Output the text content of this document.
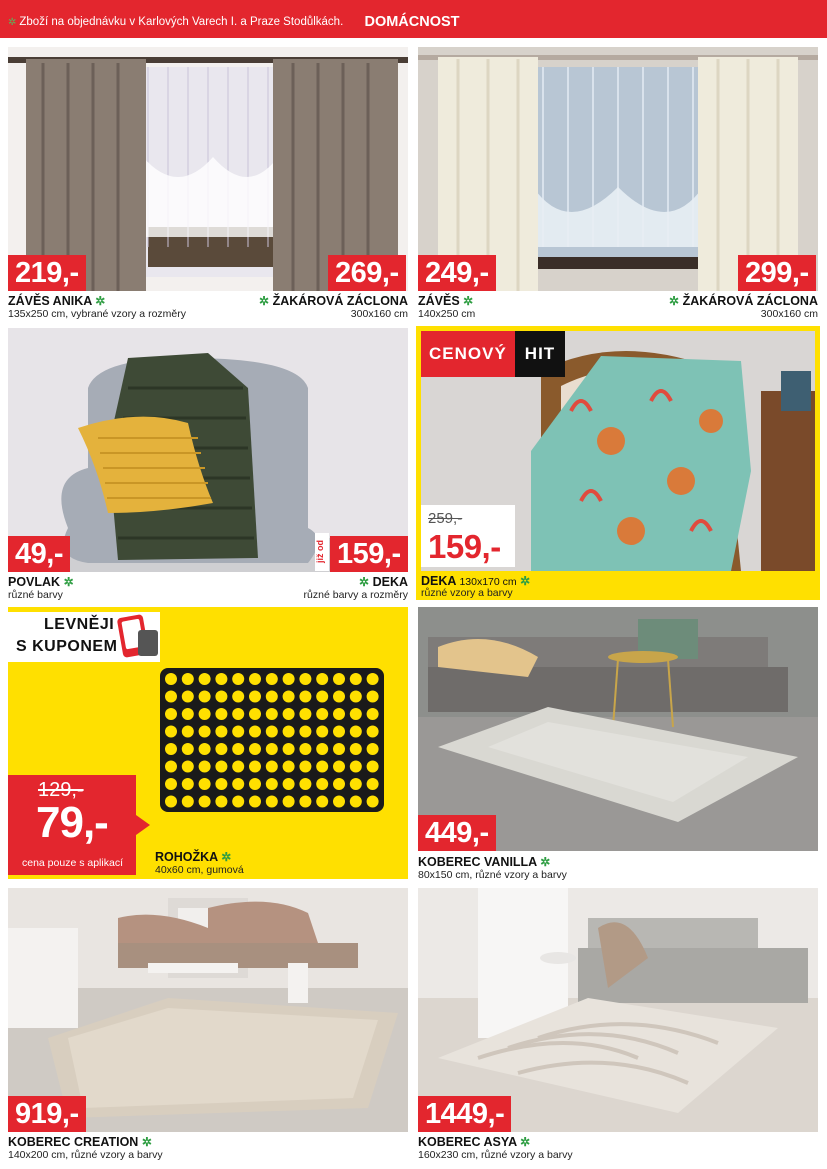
✲ Zboží na objednávku v Karlových Varech I. a Praze Stodůlkách.	DOMÁCNOST
219,-	269,-
ZÁVĚS ANIKA ✲
135x250 cm, vybrané vzory a rozměry
✲ ŽAKÁROVÁ ZÁCLONA
300x160 cm
249,-	299,-
ZÁVĚS ✲
140x250 cm
✲ ŽAKÁROVÁ ZÁCLONA
300x160 cm
49,-	již od 159,-
POVLAK ✲
různé barvy
✲ DEKA
různé barvy a rozměry
CENOVÝ	HIT
259,-
159,-
DEKA 130x170 cm ✲
různé vzory a barvy
LEVNĚJI
S KUPONEM
129,-
79,-
cena pouze s aplikací	ROHOŽKA ✲
40x60 cm, gumová
449,-
KOBEREC VANILLA ✲
80x150 cm, různé vzory a barvy
919,-
KOBEREC CREATION ✲
140x200 cm, různé vzory a barvy
1449,-
KOBEREC ASYA ✲
160x230 cm, různé vzory a barvy
